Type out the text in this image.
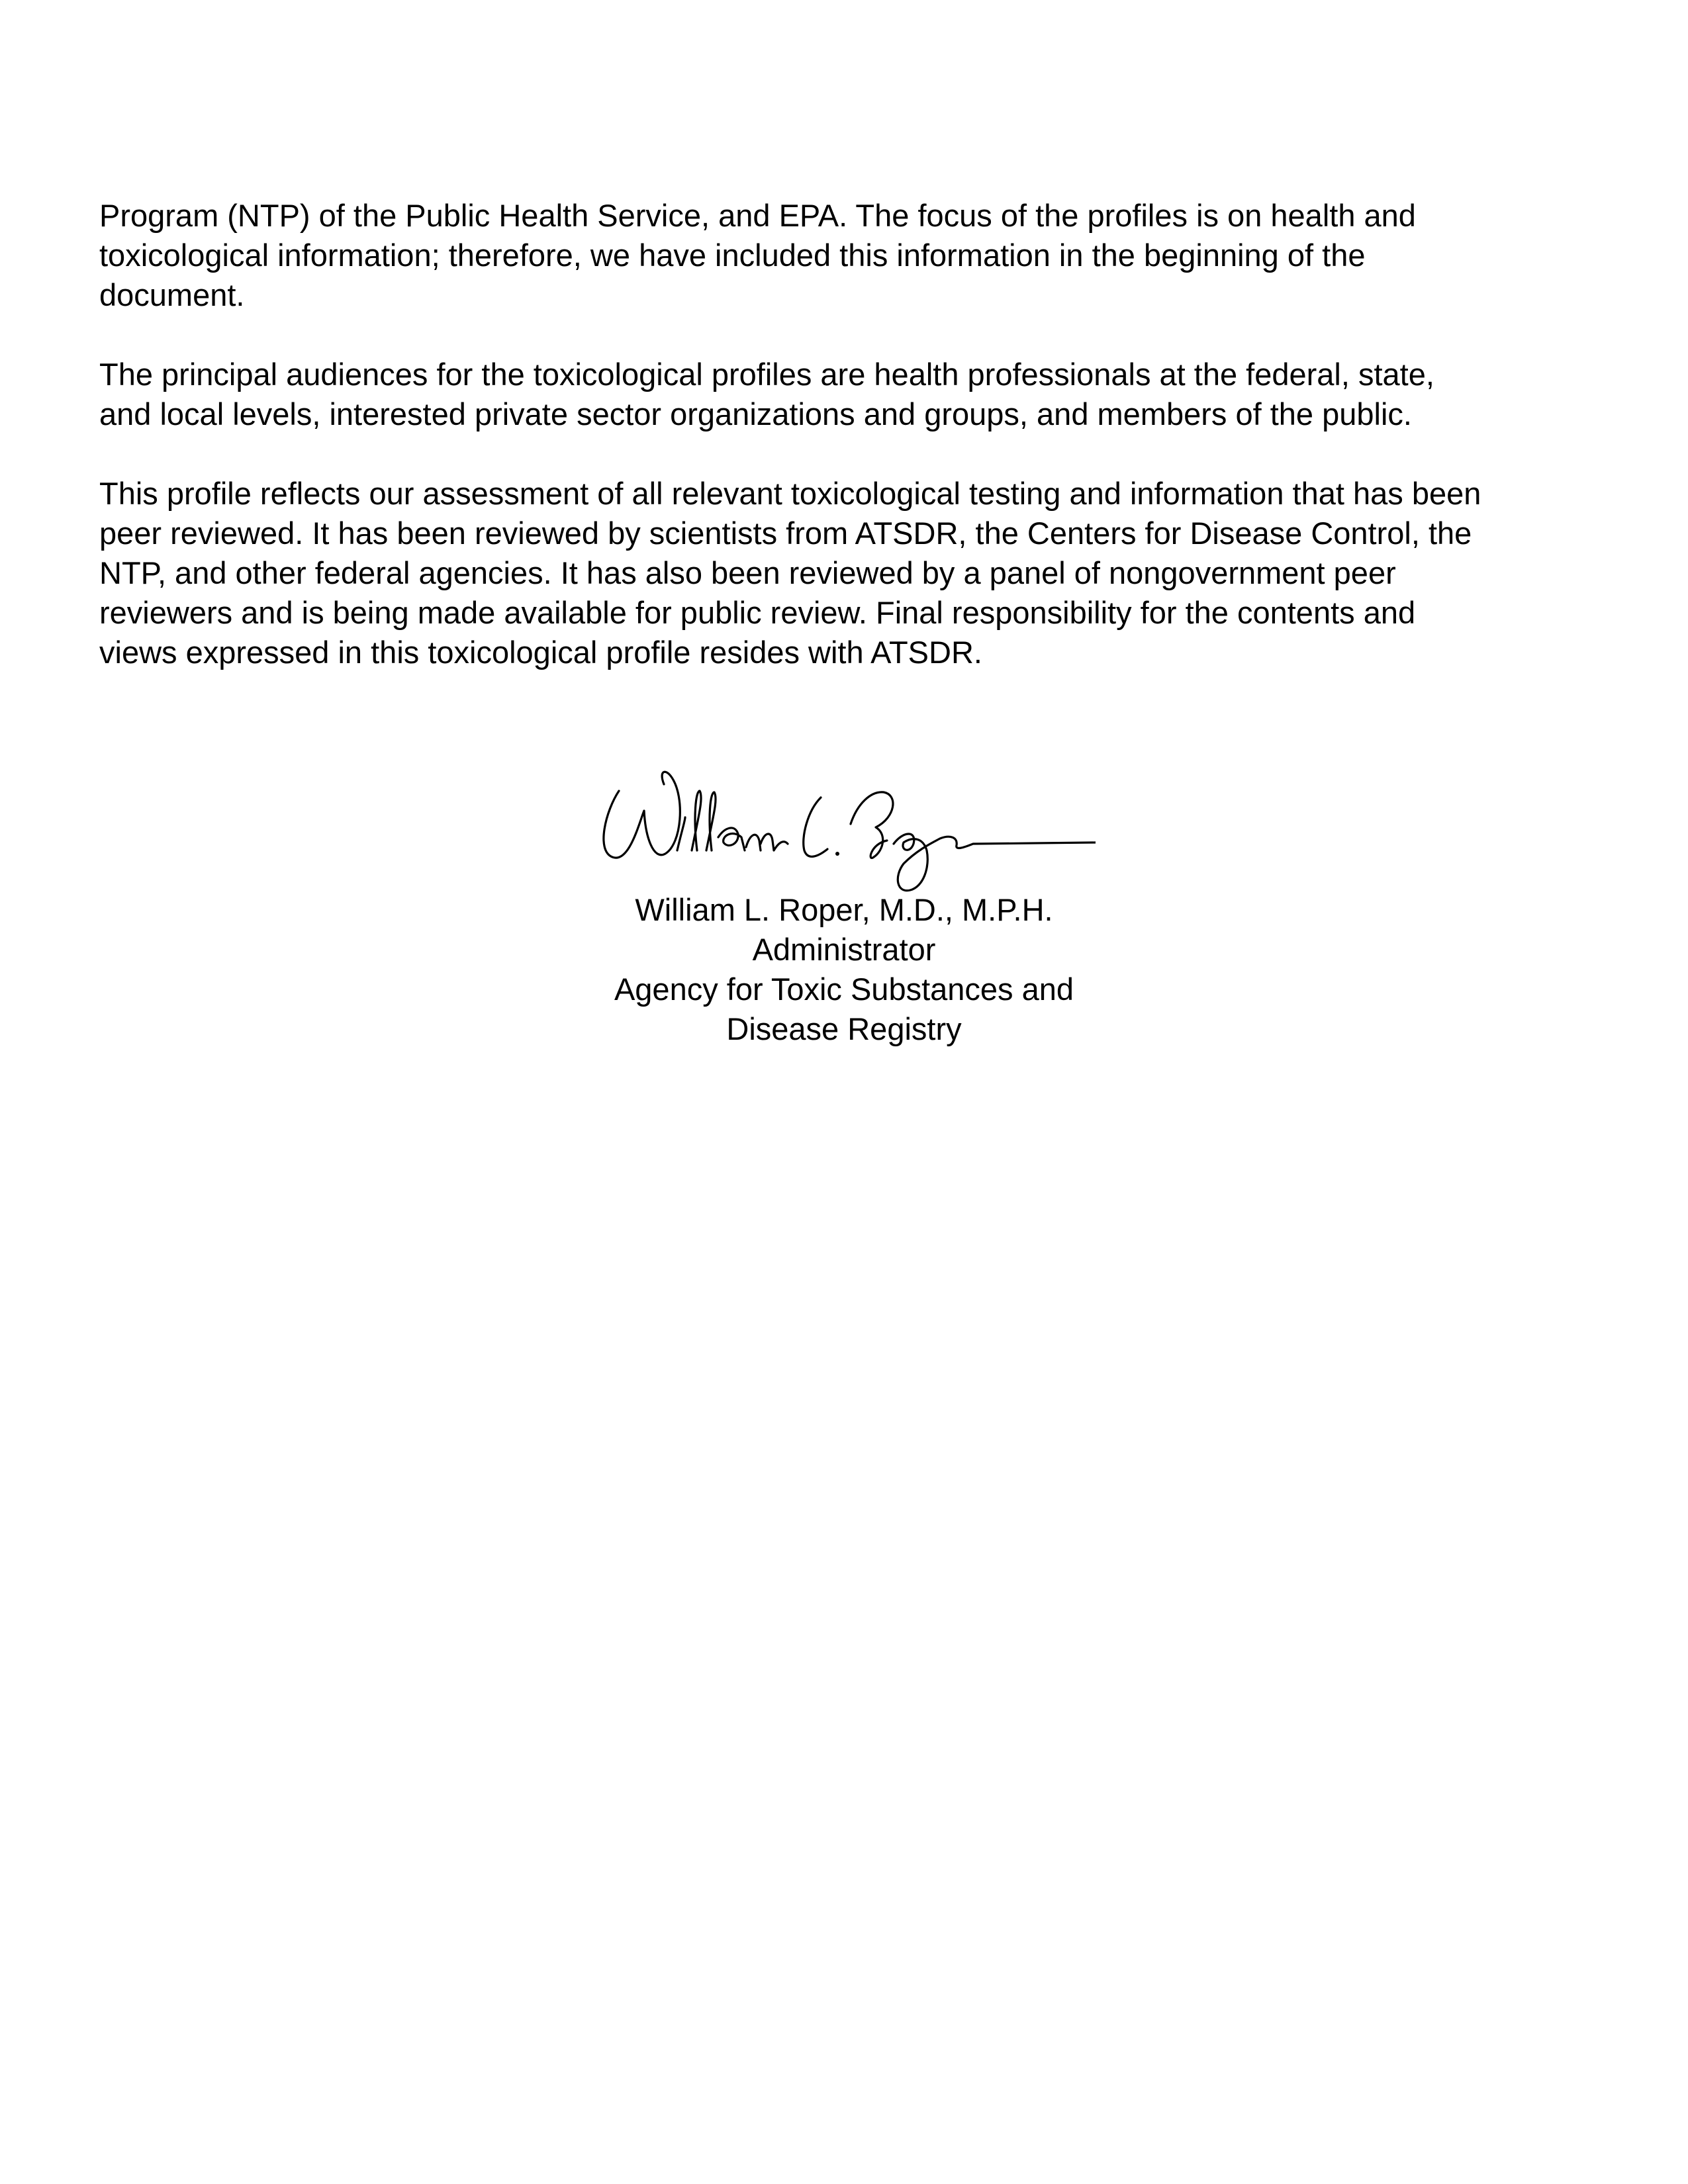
Program (NTP) of the Public Health Service, and EPA. The focus of the profiles is on health and
toxicological information; therefore, we have included this information in the beginning of the
document.

The principal audiences for the toxicological profiles are health professionals at the federal, state,
and local levels, interested private sector organizations and groups, and members of the public.

This profile reflects our assessment of all relevant toxicological testing and information that has been
peer reviewed. It has been reviewed by scientists from ATSDR, the Centers for Disease Control, the
NTP, and other federal agencies. It has also been reviewed by a panel of nongovernment peer
reviewers and is being made available for public review. Final responsibility for the contents and
views expressed in this toxicological profile resides with ATSDR.

William L. Roper, M.D., M.P.H.
Administrator
Agency for Toxic Substances and
Disease Registry
